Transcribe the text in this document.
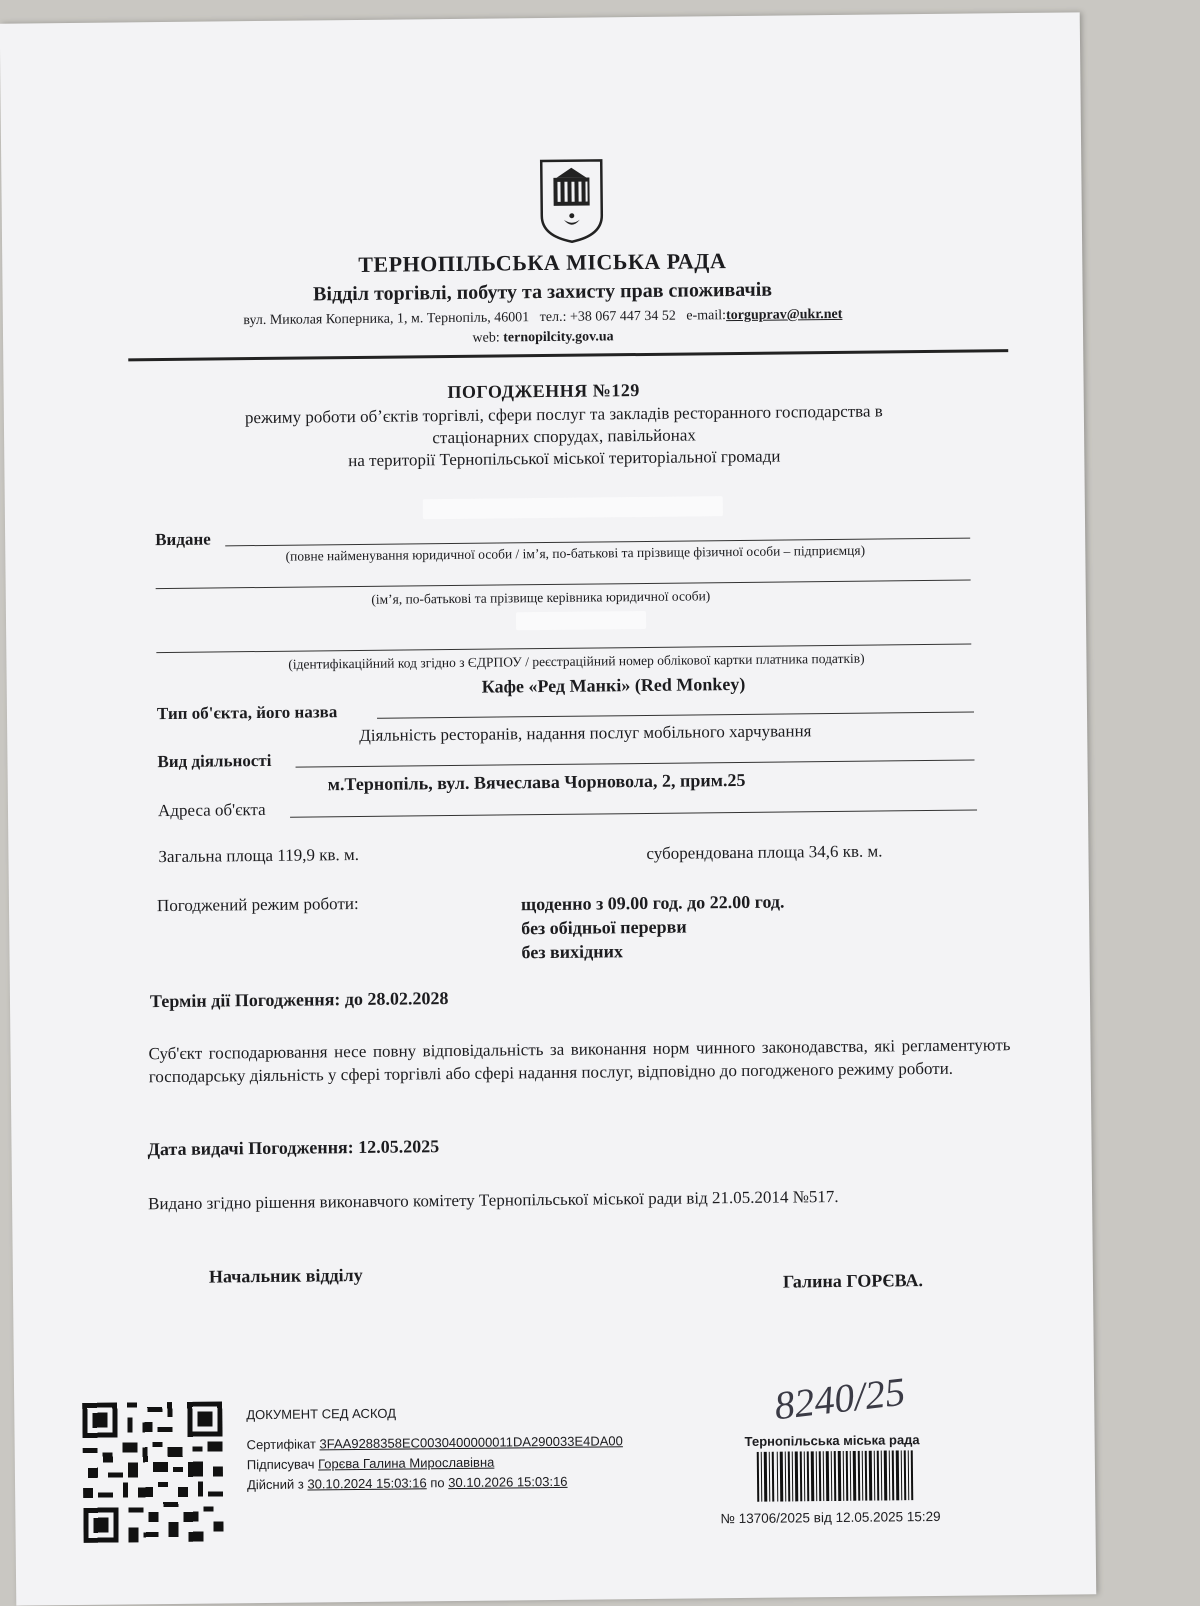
ТЕРНОПІЛЬСЬКА МІСЬКА РАДА
Відділ торгівлі, побуту та захисту прав споживачів
вул. Миколая Коперника, 1, м. Тернопіль, 46001 тел.: +38 067 447 34 52 e-mail:torguprav@ukr.net
web: ternopilcity.gov.ua
ПОГОДЖЕННЯ №129
режиму роботи об’єктів торгівлі, сфери послуг та закладів ресторанного господарства в
стаціонарних спорудах, павільйонах
на території Тернопільської міської територіальної громади
Видане
(повне найменування юридичної особи / ім’я, по-батькові та прізвище фізичної особи – підприємця)
(ім’я, по-батькові та прізвище керівника юридичної особи)
(ідентифікаційний код згідно з ЄДРПОУ / реєстраційний номер облікової картки платника податків)
Кафе «Ред Манкі» (Red Monkey)
Тип об'єкта, його назва
Діяльність ресторанів, надання послуг мобільного харчування
Вид діяльності
м.Тернопіль, вул. Вячеслава Чорновола, 2, прим.25
Адреса об'єкта
Загальна площа 119,9 кв. м.	суборендована площа 34,6 кв. м.
Погоджений режим роботи:	щоденно з 09.00 год. до 22.00 год.
без обідньої перерви
без вихідних
Термін дії Погодження: до 28.02.2028
Суб'єкт господарювання несе повну відповідальність за виконання норм чинного законодавства, які регламентують господарську діяльність у сфері торгівлі або сфері надання послуг, відповідно до погодженого режиму роботи.
Дата видачі Погодження: 12.05.2025
Видано згідно рішення виконавчого комітету Тернопільської міської ради від 21.05.2014 №517.
Начальник відділу	Галина ГОРЄВА.
ДОКУМЕНТ СЕД АСКОД
Сертифікат 3FAA9288358EC0030400000011DA290033E4DA00
Підписувач Горєва Галина Мирославівна
Дійсний з 30.10.2024 15:03:16 по 30.10.2026 15:03:16
8240/25
Тернопільська міська рада
№ 13706/2025 від 12.05.2025 15:29
